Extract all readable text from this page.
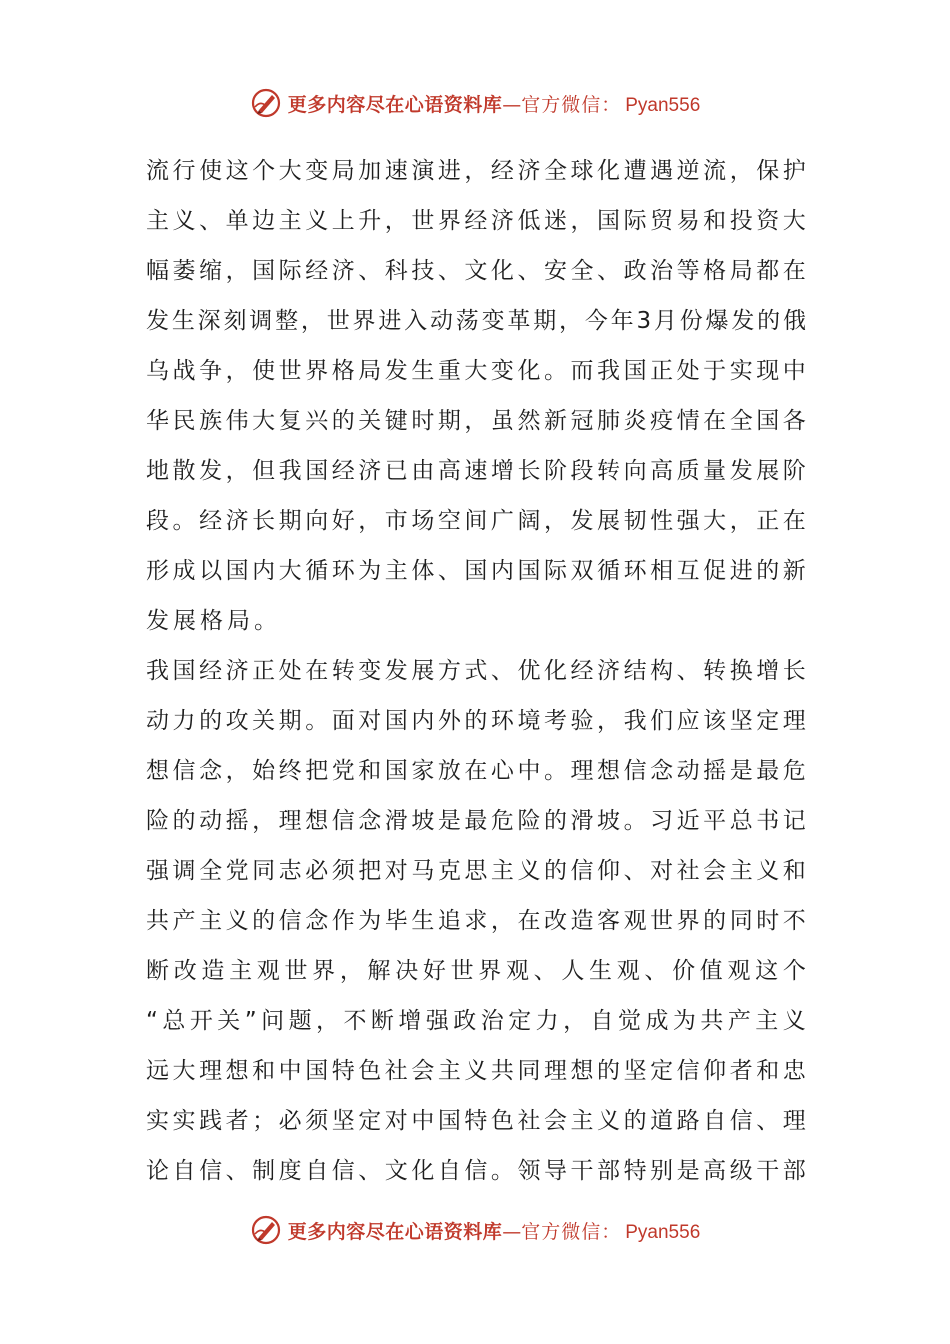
更多内容尽在心语资料库—官方微信： Pyan556
流 行 使 这 个 大 变 局 加 速 演 进 ， 经 济 全 球 化 遭 遇 逆 流 ， 保 护
主 义 、 单 边 主 义 上 升 ， 世 界 经 济 低 迷 ， 国 际 贸 易 和 投 资 大
幅 萎 缩 ， 国 际 经 济 、 科 技 、 文 化 、 安 全 、 政 治 等 格 局 都 在
发 生 深 刻 调 整 ， 世 界 进 入 动 荡 变 革 期 ， 今 年 3 月 份 爆 发 的 俄
乌 战 争 ， 使 世 界 格 局 发 生 重 大 变 化 。 而 我 国 正 处 于 实 现 中
华 民 族 伟 大 复 兴 的 关 键 时 期 ， 虽 然 新 冠 肺 炎 疫 情 在 全 国 各
地 散 发 ， 但 我 国 经 济 已 由 高 速 增 长 阶 段 转 向 高 质 量 发 展 阶
段 。 经 济 长 期 向 好 ， 市 场 空 间 广 阔 ， 发 展 韧 性 强 大 ， 正 在
形 成 以 国 内 大 循 环 为 主 体 、 国 内 国 际 双 循 环 相 互 促 进 的 新
发 展 格 局 。
我 国 经 济 正 处 在 转 变 发 展 方 式 、 优 化 经 济 结 构 、 转 换 增 长
动 力 的 攻 关 期 。 面 对 国 内 外 的 环 境 考 验 ， 我 们 应 该 坚 定 理
想 信 念 ， 始 终 把 党 和 国 家 放 在 心 中 。 理 想 信 念 动 摇 是 最 危
险 的 动 摇 ， 理 想 信 念 滑 坡 是 最 危 险 的 滑 坡 。 习 近 平 总 书 记
强 调 全 党 同 志 必 须 把 对 马 克 思 主 义 的 信 仰 、 对 社 会 主 义 和
共 产 主 义 的 信 念 作 为 毕 生 追 求 ， 在 改 造 客 观 世 界 的 同 时 不
断 改 造 主 观 世 界 ， 解 决 好 世 界 观 、 人 生 观 、 价 值 观 这 个
“ 总 开 关 ” 问 题 ， 不 断 增 强 政 治 定 力 ， 自 觉 成 为 共 产 主 义
远 大 理 想 和 中 国 特 色 社 会 主 义 共 同 理 想 的 坚 定 信 仰 者 和 忠
实 实 践 者 ； 必 须 坚 定 对 中 国 特 色 社 会 主 义 的 道 路 自 信 、 理
论 自 信 、 制 度 自 信 、 文 化 自 信 。 领 导 干 部 特 别 是 高 级 干 部
更多内容尽在心语资料库—官方微信： Pyan556
